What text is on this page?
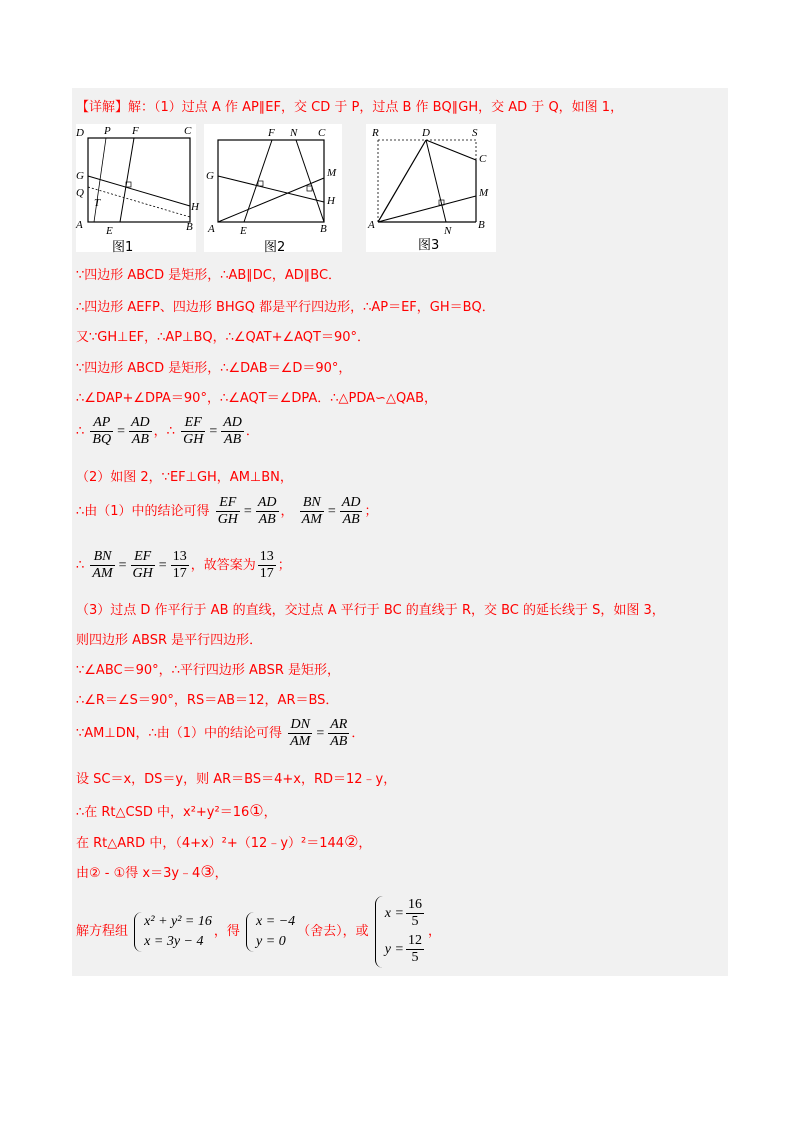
【详解】解：（1）过点 A 作 AP∥EF，交 CD 于 P，过点 B 作 BQ∥GH，交 AD 于 Q，如图 1，
D P F	C
G
Q
T
A E	B
H
图1
F N C
G	M
H
A E	B
图2
R	D	S
C
M
A	N B
图3
∵四边形 ABCD 是矩形，∴AB∥DC，AD∥BC．
∴四边形 AEFP、四边形 BHGQ 都是平行四边形，∴AP＝EF，GH＝BQ．
又∵GH⊥EF，∴AP⊥BQ，∴∠QAT+∠AQT＝90°．
∵四边形 ABCD 是矩形，∴∠DAB＝∠D＝90°，
∴∠DAP+∠DPA＝90°，∴∠AQT＝∠DPA．∴△PDA∽△QAB，
∴ $\frac{AP}{BQ} = \frac{AD}{AB}$ ，∴ $\frac{EF}{GH} = \frac{AD}{AB}$ ．
（2）如图 2，∵EF⊥GH，AM⊥BN，
∴由（1）中的结论可得 $\frac{EF}{GH} = \frac{AD}{AB}$ ， $\frac{BN}{AM} = \frac{AD}{AB}$ ；
∴ $\frac{BN}{AM} = \frac{EF}{GH} = \frac{13}{17}$ ，故答案为 $\frac{13}{17}$ ；
（3）过点 D 作平行于 AB 的直线，交过点 A 平行于 BC 的直线于 R，交 BC 的延长线于 S，如图 3，
则四边形 ABSR 是平行四边形．
∵∠ABC＝90°，∴平行四边形 ABSR 是矩形，
∴∠R＝∠S＝90°，RS＝AB＝12，AR＝BS．
∵AM⊥DN，∴由（1）中的结论可得 $\frac{DN}{AM} = \frac{AR}{AB}$ ．
设 SC＝x，DS＝y，则 AR＝BS＝4+x，RD＝12﹣y，
∴在 Rt△CSD 中，x²+y²＝16①，
在 Rt△ARD 中，（4+x）²+（12﹣y）²＝144②，
由② - ①得 x＝3y﹣4③，
解方程组
x² + y² = 16
x = 3y − 4
，得
x = −4
y = 0
（舍去），或
$x = \frac{16}{5}$
$y = \frac{12}{5}$
，
